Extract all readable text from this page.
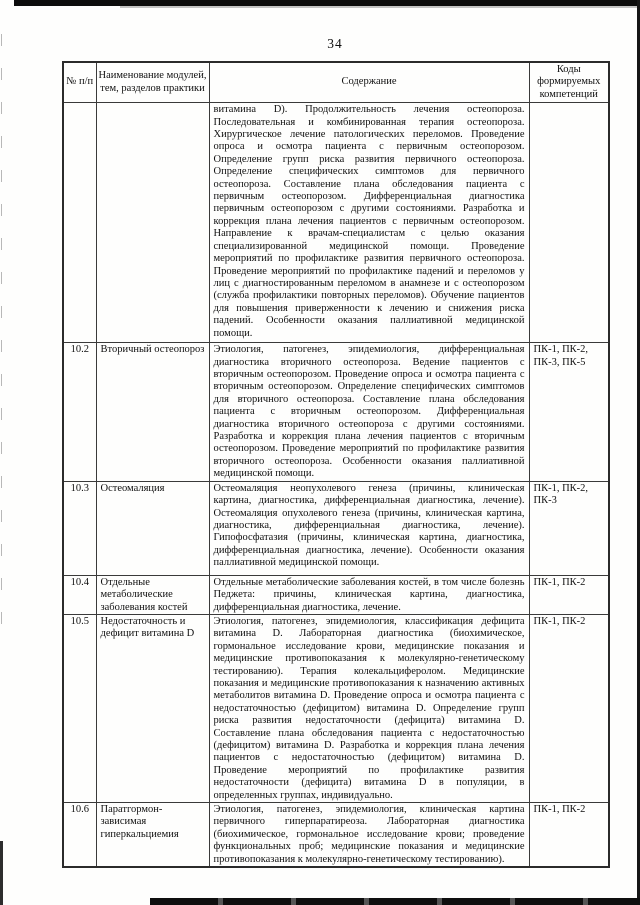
34
№ п/п	Наименование модулей, тем, разделов практики	Содержание	Коды формируемых компетенций
		витамина D). Продолжительность лечения остеопороза. Последовательная и комбинированная терапия остеопороза. Хирургическое лечение патологических переломов. Проведение опроса и осмотра пациента с первичным остеопорозом. Определение групп риска развития первичного остеопороза. Определение специфических симптомов для первичного остеопороза. Составление плана обследования пациента с первичным остеопорозом. Дифференциальная диагностика первичным остеопорозом с другими состояниями. Разработка и коррекция плана лечения пациентов с первичным остеопорозом. Направление к врачам-специалистам с целью оказания специализированной медицинской помощи. Проведение мероприятий по профилактике развития первичного остеопороза. Проведение мероприятий по профилактике падений и переломов у лиц с диагностированным переломом в анамнезе и с остеопорозом (служба профилактики повторных переломов). Обучение пациентов для повышения приверженности к лечению и снижения риска падений. Особенности оказания паллиативной медицинской помощи.	
10.2	Вторичный остеопороз	Этиология, патогенез, эпидемиология, дифференциальная диагностика вторичного остеопороза. Ведение пациентов с вторичным остеопорозом. Проведение опроса и осмотра пациента с вторичным остеопорозом. Определение специфических симптомов для вторичного остеопороза. Составление плана обследования пациента с вторичным остеопорозом. Дифференциальная диагностика вторичного остеопороза с другими состояниями. Разработка и коррекция плана лечения пациентов с вторичным остеопорозом. Проведение мероприятий по профилактике развития вторичного остеопороза. Особенности оказания паллиативной медицинской помощи.	ПК-1, ПК-2, ПК-3, ПК-5
10.3	Остеомаляция	Остеомаляция неопухолевого генеза (причины, клиническая картина, диагностика, дифференциальная диагностика, лечение). Остеомаляция опухолевого генеза (причины, клиническая картина, диагностика, дифференциальная диагностика, лечение). Гипофосфатазия (причины, клиническая картина, диагностика, дифференциальная диагностика, лечение). Особенности оказания паллиативной медицинской помощи.	ПК-1, ПК-2, ПК-3
10.4	Отдельные метаболические заболевания костей	Отдельные метаболические заболевания костей, в том числе болезнь Педжета: причины, клиническая картина, диагностика, дифференциальная диагностика, лечение.	ПК-1, ПК-2
10.5	Недостаточность и дефицит витамина D	Этиология, патогенез, эпидемиология, классификация дефицита витамина D. Лабораторная диагностика (биохимическое, гормональное исследование крови, медицинские показания и медицинские противопоказания к молекулярно-генетическому тестированию). Терапия колекальциферолом. Медицинские показания и медицинские противопоказания к назначению активных метаболитов витамина D. Проведение опроса и осмотра пациента с недостаточностью (дефицитом) витамина D. Определение групп риска развития недостаточности (дефицита) витамина D. Составление плана обследования пациента с недостаточностью (дефицитом) витамина D. Разработка и коррекция плана лечения пациентов с недостаточностью (дефицитом) витамина D. Проведение мероприятий по профилактике развития недостаточности (дефицита) витамина D в популяции, в определенных группах, индивидуально.	ПК-1, ПК-2
10.6	Паратгормон-зависимая гиперкальциемия	Этиология, патогенез, эпидемиология, клиническая картина первичного гиперпаратиреоза. Лабораторная диагностика (биохимическое, гормональное исследование крови; проведение функциональных проб; медицинские показания и медицинские противопоказания к молекулярно-генетическому тестированию).	ПК-1, ПК-2
